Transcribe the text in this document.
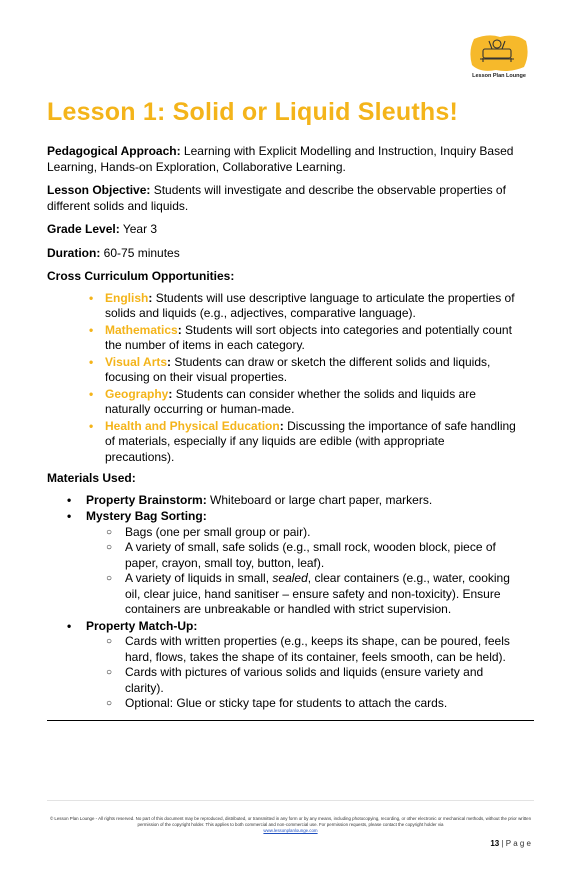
Lesson Plan Lounge
Lesson 1: Solid or Liquid Sleuths!

Pedagogical Approach: Learning with Explicit Modelling and Instruction, Inquiry Based Learning, Hands-on Exploration, Collaborative Learning.

Lesson Objective: Students will investigate and describe the observable properties of different solids and liquids.

Grade Level: Year 3

Duration: 60-75 minutes

Cross Curriculum Opportunities:

• English: Students will use descriptive language to articulate the properties of solids and liquids (e.g., adjectives, comparative language).
• Mathematics: Students will sort objects into categories and potentially count the number of items in each category.
• Visual Arts: Students can draw or sketch the different solids and liquids, focusing on their visual properties.
• Geography: Students can consider whether the solids and liquids are naturally occurring or human-made.
• Health and Physical Education: Discussing the importance of safe handling of materials, especially if any liquids are edible (with appropriate precautions).

Materials Used:

• Property Brainstorm: Whiteboard or large chart paper, markers.
• Mystery Bag Sorting:
○ Bags (one per small group or pair).
○ A variety of small, safe solids (e.g., small rock, wooden block, piece of paper, crayon, small toy, button, leaf).
○ A variety of liquids in small, sealed, clear containers (e.g., water, cooking oil, clear juice, hand sanitiser – ensure safety and non-toxicity). Ensure containers are unbreakable or handled with strict supervision.
• Property Match-Up:
○ Cards with written properties (e.g., keeps its shape, can be poured, feels hard, flows, takes the shape of its container, feels smooth, can be held).
○ Cards with pictures of various solids and liquids (ensure variety and clarity).
○ Optional: Glue or sticky tape for students to attach the cards.
© Lesson Plan Lounge - All rights reserved. No part of this document may be reproduced, distributed, or transmitted in any form or by any means, including photocopying, recording, or other electronic or mechanical methods, without the prior written permission of the copyright holder. This applies to both commercial and non-commercial use. For permission requests, please contact the copyright holder via
www.lessonplanlounge.com
13 | P a g e
